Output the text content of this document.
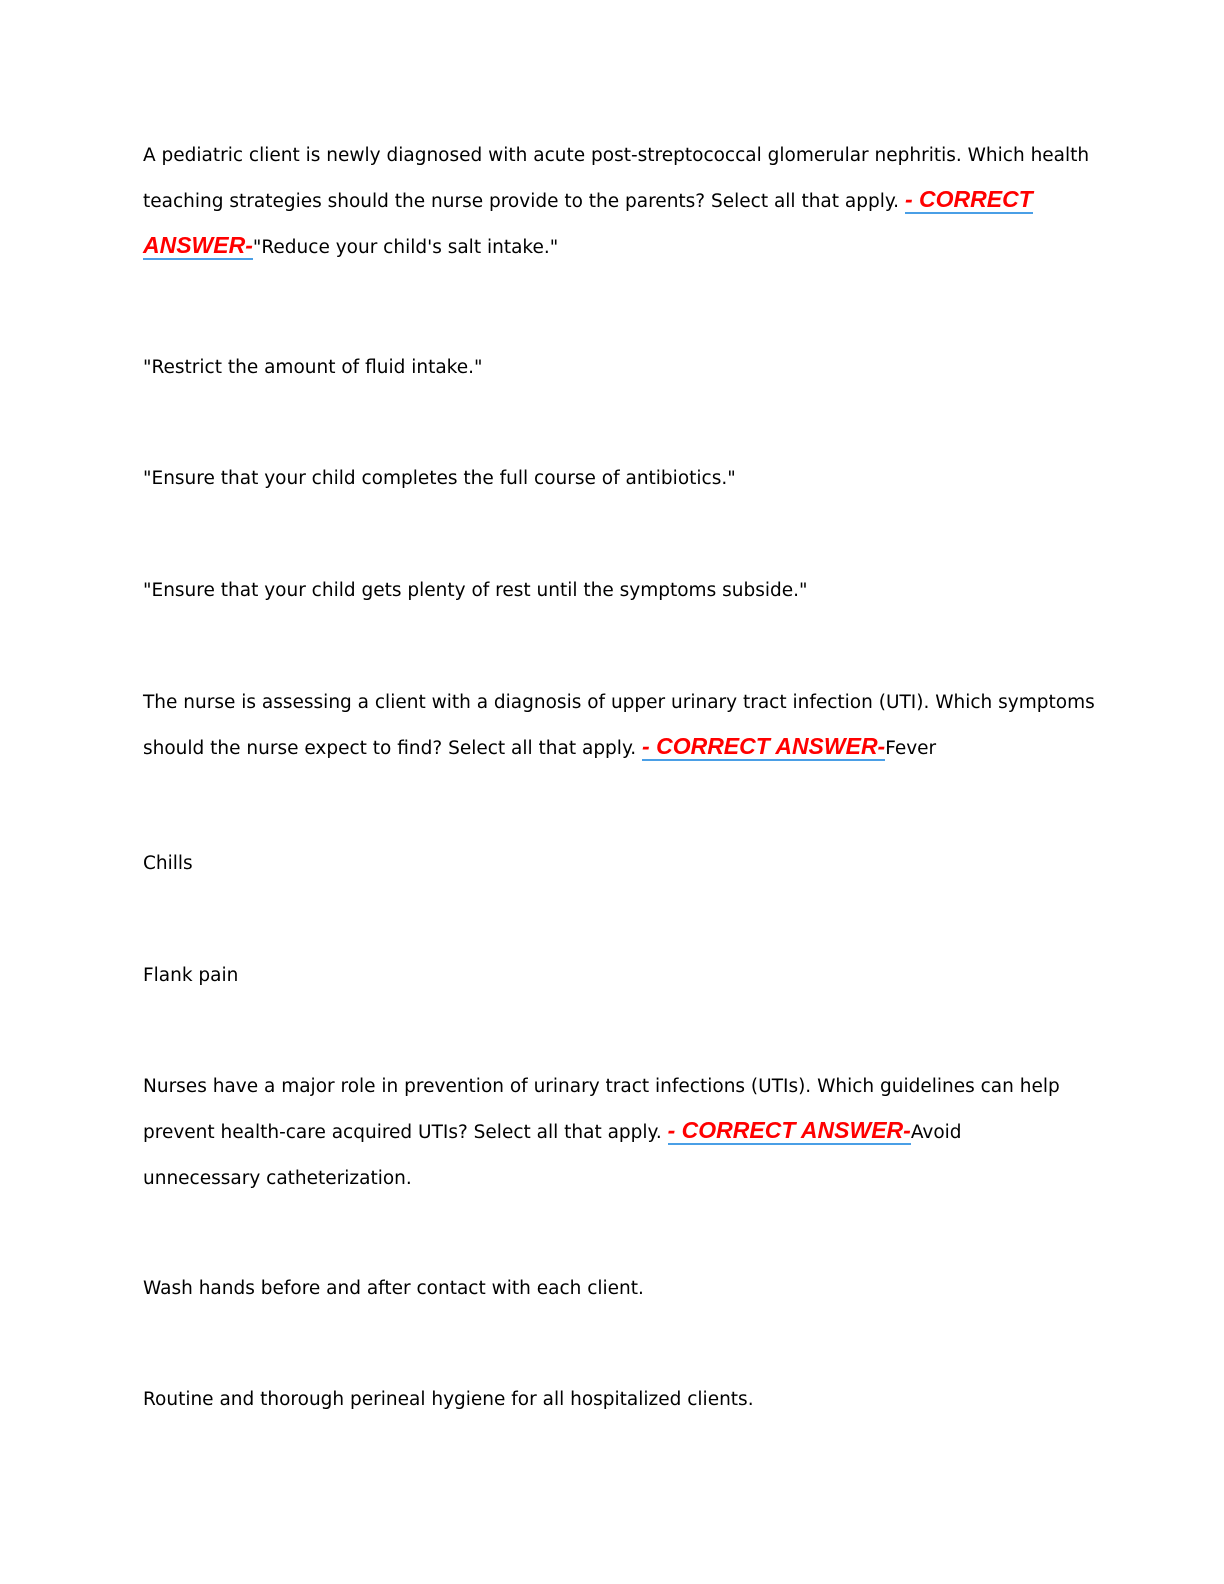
A pediatric client is newly diagnosed with acute post-streptococcal glomerular nephritis. Which health
teaching strategies should the nurse provide to the parents? Select all that apply. - CORRECT
ANSWER-"Reduce your child's salt intake."
"Restrict the amount of fluid intake."
"Ensure that your child completes the full course of antibiotics."
"Ensure that your child gets plenty of rest until the symptoms subside."
The nurse is assessing a client with a diagnosis of upper urinary tract infection (UTI). Which symptoms
should the nurse expect to find? Select all that apply. - CORRECT ANSWER-Fever
Chills
Flank pain
Nurses have a major role in prevention of urinary tract infections (UTIs). Which guidelines can help
prevent health-care acquired UTIs? Select all that apply. - CORRECT ANSWER-Avoid
unnecessary catheterization.
Wash hands before and after contact with each client.
Routine and thorough perineal hygiene for all hospitalized clients.
